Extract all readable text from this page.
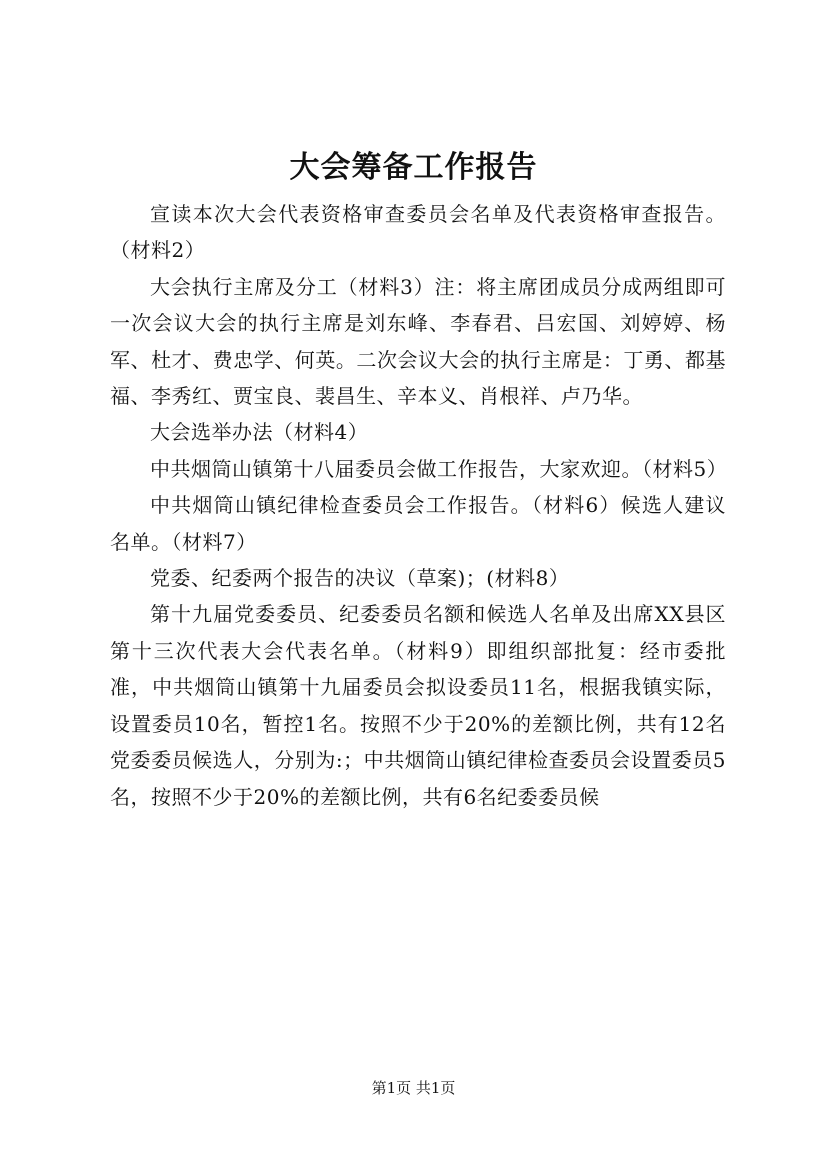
大会筹备工作报告

宣读本次大会代表资格审查委员会名单及代表资格审查报告。（材料2）

大会执行主席及分工（材料3）注：将主席团成员分成两组即可一次会议大会的执行主席是刘东峰、李春君、吕宏国、刘婷婷、杨军、杜才、费忠学、何英。二次会议大会的执行主席是：丁勇、都基福、李秀红、贾宝良、裴昌生、辛本义、肖根祥、卢乃华。

大会选举办法（材料4）

中共烟筒山镇第十八届委员会做工作报告，大家欢迎。（材料5）

中共烟筒山镇纪律检查委员会工作报告。（材料6）候选人建议名单。（材料7）

党委、纪委两个报告的决议（草案)；(材料8）

第十九届党委委员、纪委委员名额和候选人名单及出席XX县区第十三次代表大会代表名单。（材料9）即组织部批复：经市委批准，中共烟筒山镇第十九届委员会拟设委员11名，根据我镇实际，设置委员10名，暂控1名。按照不少于20%的差额比例，共有12名党委委员候选人，分别为:；中共烟筒山镇纪律检查委员会设置委员5名，按照不少于20%的差额比例，共有6名纪委委员候

第1页 共1页
